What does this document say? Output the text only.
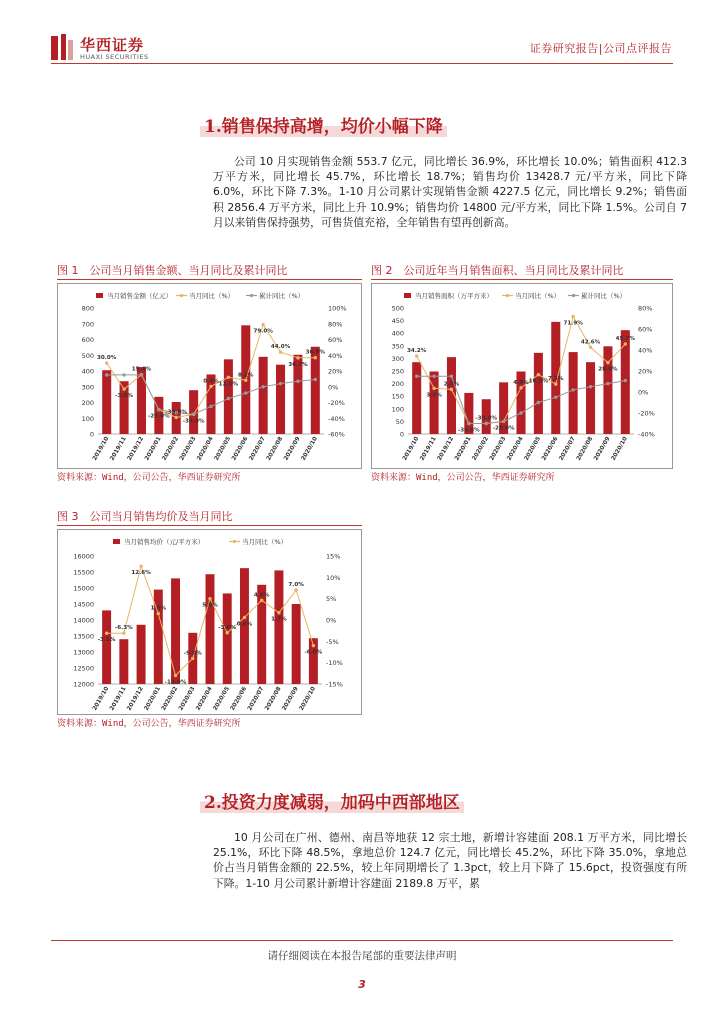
华西证券
HUAXI SECURITIES
证券研究报告|公司点评报告
1.销售保持高增，均价小幅下降
公司 10 月实现销售金额 553.7 亿元，同比增长 36.9%，环比增长 10.0%；销售面积 412.3 万平方米，同比增长 45.7%，环比增长 18.7%；销售均价 13428.7 元/平方米，同比下降 6.0%，环比下降 7.3%。1-10 月公司累计实现销售金额 4227.5 亿元，同比增长 9.2%；销售面积 2856.4 万平方米，同比上升 10.9%；销售均价 14800 元/平方米，同比下降 1.5%。公司自 7 月以来销售保持强势，可售货值充裕，全年销售有望再创新高。
图 1　公司当月销售金额、当月同比及累计同比
当月销售金额（亿元）	当月同比（%）	累计同比（%）
0
100
200
300
400
500
600
700
800
-60%
-40%
-20%
0%
20%
40%
60%
80%
100%
30.0%
-3.0%
15.4%
-29.0%
-39.0%
-35.0%
0.4% 12.0%
8.2%
79.0%
44.0%
36.7%
36.9%
2019/10 2019/11 2019/12 2020/01 2020/02 2020/03 2020/04 2020/05 2020/06 2020/07 2020/08 2020/09 2020/10
资料来源：Wind，公司公告，华西证券研究所
图 2　公司近年当月销售面积、当月同比及累计同比
当月销售面积（万平方米）	当月同比（%）	累计同比（%）
0
50
100
150
200
250
300
350
400
450
500
-40%
-20%
0%
20%
40%
60%
80%
34.2%
3.5%
2.5%
-30.8%
-30.0%
-28.0%
4.0% 16.5% 7.5%
71.9%
42.6%
28.0%
45.7%
2019/10 2019/11 2019/12 2020/01 2020/02 2020/03 2020/04 2020/05 2020/06 2020/07 2020/08 2020/09 2020/10
资料来源：Wind，公司公告，华西证券研究所
图 3　公司当月销售均价及当月同比
当月销售均价（元/平方米）	当月同比（%）
12000
12500
13000
13500
14000
14500
15000
15500
16000
-15%
-10%
-5%
0%
5%
10%
15%
-3.1%
-6.3%
12.6%
1.5%
-13.0%
-9.0%
5.0%
-3.0%
0.6%
4.6%
1.7%
7.0%
-6.0%
2019/10
2019/11
2019/12
2020/01
2020/02
2020/03
2020/04
2020/05
2020/06
2020/07
2020/08
2020/09
2020/10
资料来源：Wind，公司公告，华西证券研究所
2.投资力度减弱，加码中西部地区
10 月公司在广州、德州、南昌等地获 12 宗土地，新增计容建面 208.1 万平方米，同比增长 25.1%，环比下降 48.5%，拿地总价 124.7 亿元，同比增长 45.2%，环比下降 35.0%，拿地总价占当月销售金额的 22.5%，较上年同期增长了 1.3pct，较上月下降了 15.6pct，投资强度有所下降。1-10 月公司累计新增计容建面 2189.8 万平，累
请仔细阅读在本报告尾部的重要法律声明
3
